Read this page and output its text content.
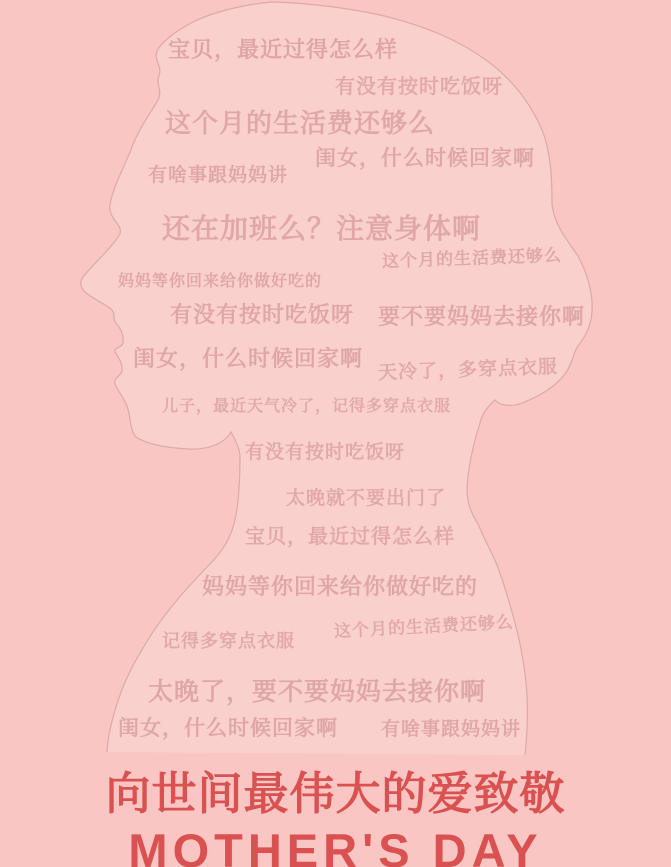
宝贝，最近过得怎么样
有没有按时吃饭呀
这个月的生活费还够么
闺女，什么时候回家啊
有啥事跟妈妈讲
还在加班么？注意身体啊
这个月的生活费还够么
妈妈等你回来给你做好吃的
有没有按时吃饭呀 要不要妈妈去接你啊
闺女，什么时候回家啊 天冷了，多穿点衣服
儿子，最近天气冷了，记得多穿点衣服
有没有按时吃饭呀
太晚就不要出门了
宝贝，最近过得怎么样
妈妈等你回来给你做好吃的
这个月的生活费还够么
记得多穿点衣服
太晚了，要不要妈妈去接你啊
闺女，什么时候回家啊 有啥事跟妈妈讲
向世间最伟大的爱致敬
MOTHER'S DAY
